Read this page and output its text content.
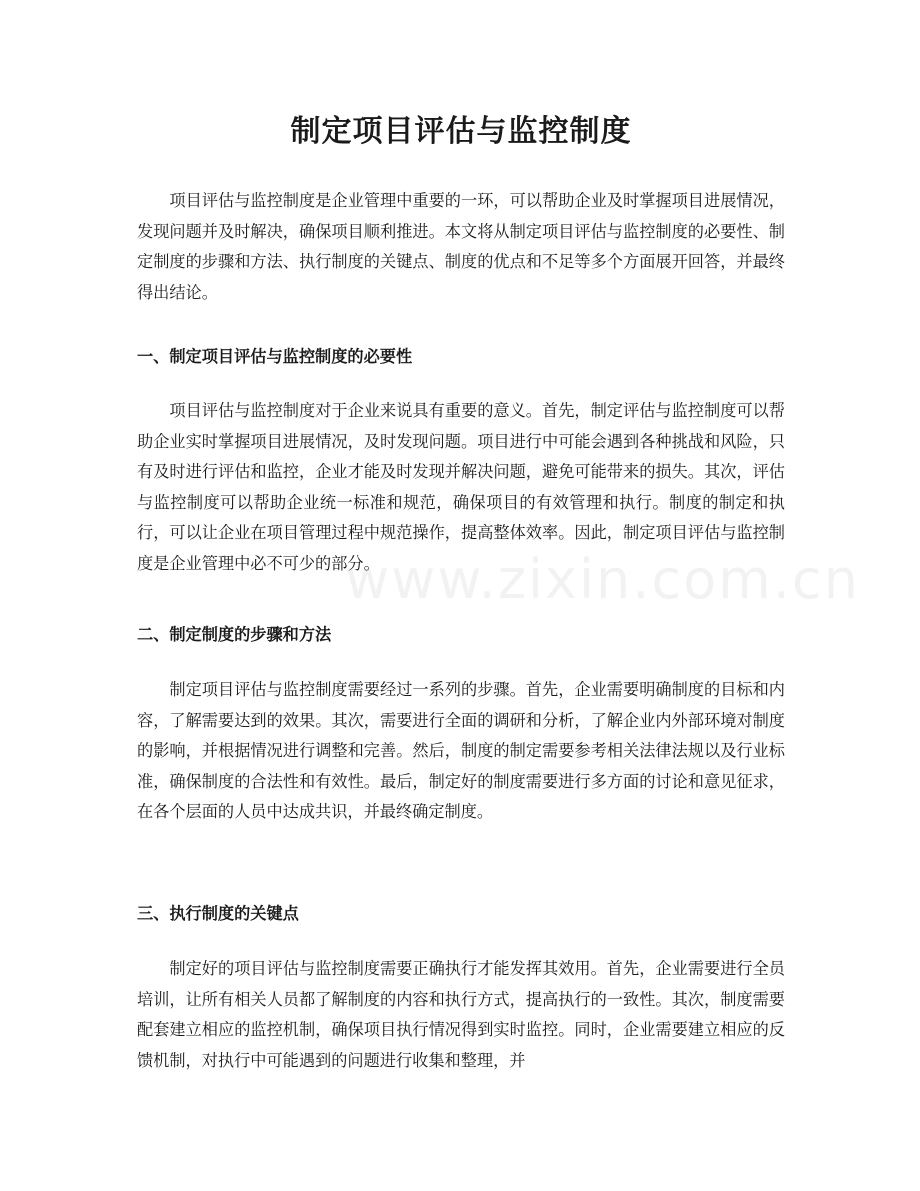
制定项目评估与监控制度

项目评估与监控制度是企业管理中重要的一环，可以帮助企业及时掌握项目进展情况，发现问题并及时解决，确保项目顺利推进。本文将从制定项目评估与监控制度的必要性、制定制度的步骤和方法、执行制度的关键点、制度的优点和不足等多个方面展开回答，并最终得出结论。

一、制定项目评估与监控制度的必要性

项目评估与监控制度对于企业来说具有重要的意义。首先，制定评估与监控制度可以帮助企业实时掌握项目进展情况，及时发现问题。项目进行中可能会遇到各种挑战和风险，只有及时进行评估和监控，企业才能及时发现并解决问题，避免可能带来的损失。其次，评估与监控制度可以帮助企业统一标准和规范，确保项目的有效管理和执行。制度的制定和执行，可以让企业在项目管理过程中规范操作，提高整体效率。因此，制定项目评估与监控制度是企业管理中必不可少的部分。

二、制定制度的步骤和方法

制定项目评估与监控制度需要经过一系列的步骤。首先，企业需要明确制度的目标和内容，了解需要达到的效果。其次，需要进行全面的调研和分析，了解企业内外部环境对制度的影响，并根据情况进行调整和完善。然后，制度的制定需要参考相关法律法规以及行业标准，确保制度的合法性和有效性。最后，制定好的制度需要进行多方面的讨论和意见征求，在各个层面的人员中达成共识，并最终确定制度。

三、执行制度的关键点

制定好的项目评估与监控制度需要正确执行才能发挥其效用。首先，企业需要进行全员培训，让所有相关人员都了解制度的内容和执行方式，提高执行的一致性。其次，制度需要配套建立相应的监控机制，确保项目执行情况得到实时监控。同时，企业需要建立相应的反馈机制，对执行中可能遇到的问题进行收集和整理，并

www.zixin.com.cn
